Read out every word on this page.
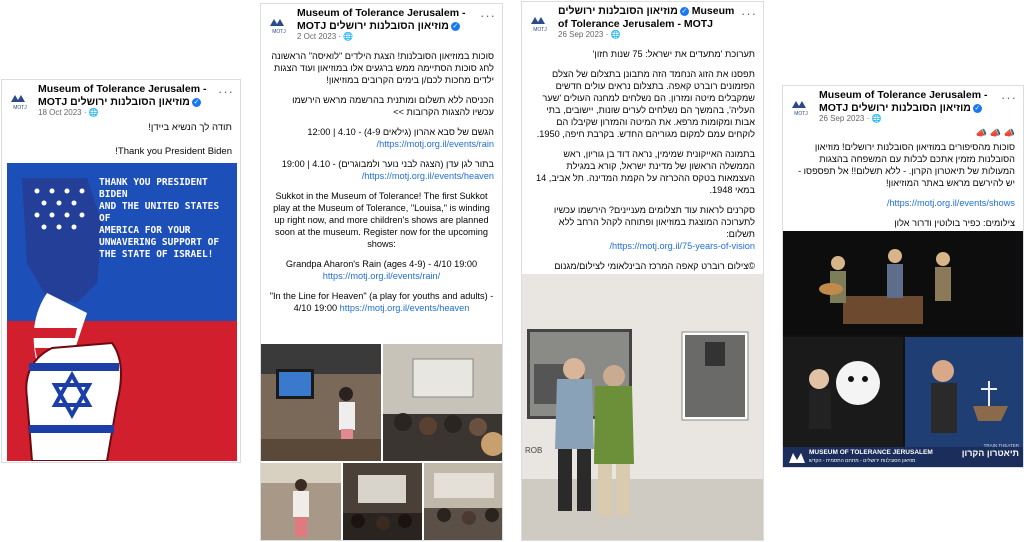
MOTJ
Museum of Tolerance Jerusalem - MOTJ מוזיאון הסובלנות ירושלים ✓
18 Oct 2023 · 🌐
···
תודה לך הנשיא ביידן!
Thank you President Biden!
THANK YOU PRESIDENT BIDEN
AND THE UNITED STATES OF
AMERICA FOR YOUR
UNWAVERING SUPPORT OF
THE STATE OF ISRAEL!
MOTJ
Museum of Tolerance Jerusalem - MOTJ מוזיאון הסובלנות ירושלים ✓
2 Oct 2023 · 🌐
···

סוכות במוזיאון הסובלנות! הצגת הילדים "לואיסה" הראשונה לחג סוכות הסתיימה ממש ברגעים אלו במוזיאון ועוד הצגות ילדים מחכות לכם/ן בימים הקרובים במוזיאון!

הכניסה ללא תשלום ומותנית בהרשמה מראש הירשמו עכשיו להצגות הקרובות >>

הגשם של סבא אהרון (גילאים 4-9) - 4.10 | 12:00
https://motj.org.il/events/rain/

בתור לגן עדן (הצגה לבני נוער ולמבוגרים) - 4.10 | 19:00
https://motj.org.il/events/heaven/

Sukkot in the Museum of Tolerance! The first Sukkot play at the Museum of Tolerance, "Louisa," is winding up right now, and more children's shows are planned soon at the museum. Register now for the upcoming shows:

Grandpa Aharon's Rain (ages 4-9) - 4/10 19:00
https://motj.org.il/events/rain/

"In the Line for Heaven" (a play for youths and adults) - 4/10 19:00 https://motj.org.il/events/heaven

MOTJ
מוזיאון הסובלנות ירושלים ✓ Museum of Tolerance Jerusalem - MOTJ
26 Sep 2023 · 🌐
···

תערוכת 'מתעדים את ישראל: 75 שנות חזון'

תפסנו את הזוג הנחמד הזה מתבונן בתצלום של הצלם הפזמונים רוברט קאפה. בתצלום נראים עולים חדשים שמקבלים מיטה ומזרון. הם נשלחים למחנה העולים 'שער העליה', בהמשך הם נשלחים לערים שונות, יישובים, בתי אבות ומקומות מרפא. את המיטה והמזרון שקיבלו הם לוקחים עמם למקום מגוריהם החדש. בקרבת חיפה, 1950.

בתמונה האייקונית שמימין, נראה דוד בן גוריון, ראש הממשלה הראשון של מדינת ישראל, קורא במגילת העצמאות בטקס ההכרזה על הקמת המדינה. תל אביב, 14 במאי 1948.

סקרנים לראות עוד תצלומים מעניינים? הירשמו עכשיו לתערוכה המוצגת במוזיאון ופתוחה לקהל הרחב ללא תשלום:
https://motj.org.il/75-years-of-vision/

©צילום רוברט קאפה המרכז הבינלאומי לצילום/מגנום

ROB
MOTJ
Museum of Tolerance Jerusalem - MOTJ מוזיאון הסובלנות ירושלים ✓
26 Sep 2023 · 🌐
···

📣 📣 📣

סוכות מהסיפורים במוזיאון הסובלנות ירושלים! מוזיאון הסובלנות מזמין אתכם לבלות עם המשפחה בהצגות המעולות של תיאטרון הקרון. - ללא תשלום!! אל תפספסו - יש להירשם מראש באתר המוזיאון!

https://motj.org.il/events/shows/

צילומים: כפיר בולוטין ודרור אלון

MUSEUM OF TOLERANCE JERUSALEM
מוזיאון הסובלנות ירושלים - מתחם התסמיח - הקדש
TRAIN THEATER
תיאטרון הקרון
